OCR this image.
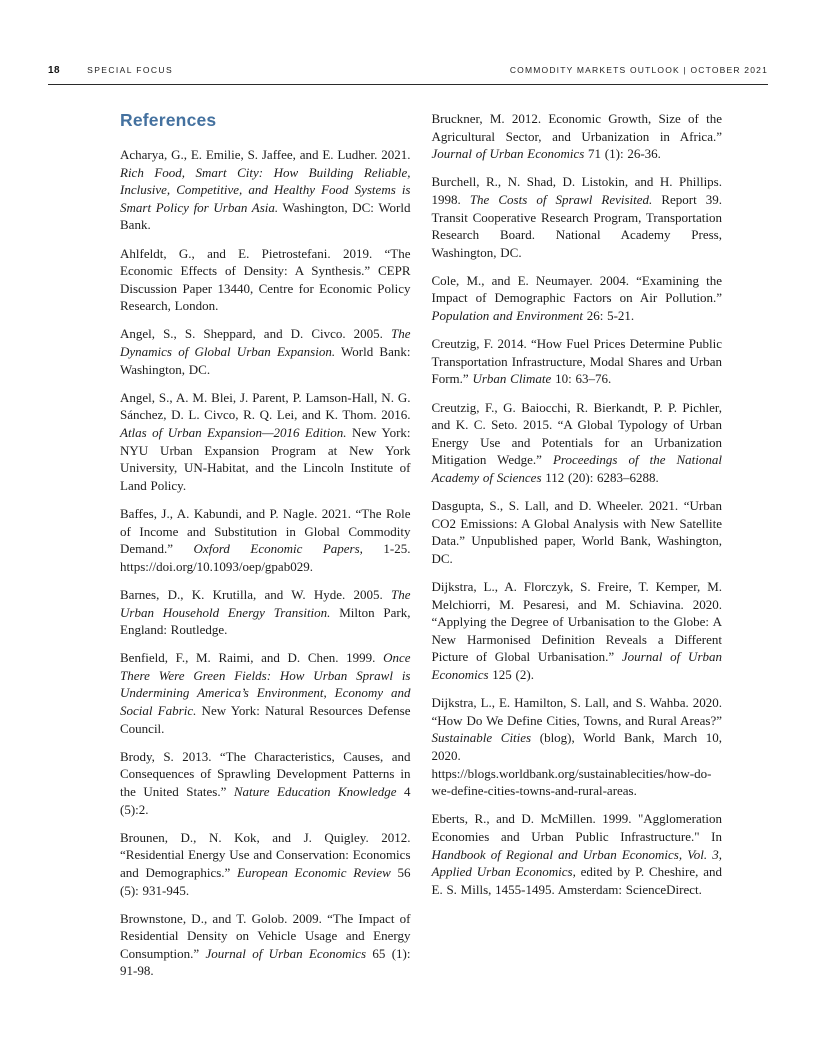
18	SPECIAL FOCUS	COMMODITY MARKETS OUTLOOK | OCTOBER 2021
References

Acharya, G., E. Emilie, S. Jaffee, and E. Ludher. 2021. Rich Food, Smart City: How Building Reliable, Inclusive, Competitive, and Healthy Food Systems is Smart Policy for Urban Asia. Washington, DC: World Bank.

Ahlfeldt, G., and E. Pietrostefani. 2019. “The Economic Effects of Density: A Synthesis.” CEPR Discussion Paper 13440, Centre for Economic Policy Research, London.

Angel, S., S. Sheppard, and D. Civco. 2005. The Dynamics of Global Urban Expansion. World Bank: Washington, DC.

Angel, S., A. M. Blei, J. Parent, P. Lamson-Hall, N. G. Sánchez, D. L. Civco, R. Q. Lei, and K. Thom. 2016. Atlas of Urban Expansion—2016 Edition. New York: NYU Urban Expansion Program at New York University, UN-Habitat, and the Lincoln Institute of Land Policy.

Baffes, J., A. Kabundi, and P. Nagle. 2021. “The Role of Income and Substitution in Global Commodity Demand.” Oxford Economic Papers, 1-25. https://doi.org/10.1093/oep/gpab029.

Barnes, D., K. Krutilla, and W. Hyde. 2005. The Urban Household Energy Transition. Milton Park, England: Routledge.

Benfield, F., M. Raimi, and D. Chen. 1999. Once There Were Green Fields: How Urban Sprawl is Undermining America’s Environment, Economy and Social Fabric. New York: Natural Resources Defense Council.

Brody, S. 2013. “The Characteristics, Causes, and Consequences of Sprawling Development Patterns in the United States.” Nature Education Knowledge 4 (5):2.

Brounen, D., N. Kok, and J. Quigley. 2012. “Residential Energy Use and Conservation: Economics and Demographics.” European Economic Review 56 (5): 931-945.

Brownstone, D., and T. Golob. 2009. “The Impact of Residential Density on Vehicle Usage and Energy Consumption.” Journal of Urban Economics 65 (1): 91-98.

Bruckner, M. 2012. Economic Growth, Size of the Agricultural Sector, and Urbanization in Africa.” Journal of Urban Economics 71 (1): 26-36.

Burchell, R., N. Shad, D. Listokin, and H. Phillips. 1998. The Costs of Sprawl Revisited. Report 39. Transit Cooperative Research Program, Transportation Research Board. National Academy Press, Washington, DC.

Cole, M., and E. Neumayer. 2004. “Examining the Impact of Demographic Factors on Air Pollution.” Population and Environment 26: 5-21.

Creutzig, F. 2014. “How Fuel Prices Determine Public Transportation Infrastructure, Modal Shares and Urban Form.” Urban Climate 10: 63–76.

Creutzig, F., G. Baiocchi, R. Bierkandt, P. P. Pichler, and K. C. Seto. 2015. “A Global Typology of Urban Energy Use and Potentials for an Urbanization Mitigation Wedge.” Proceedings of the National Academy of Sciences 112 (20): 6283–6288.

Dasgupta, S., S. Lall, and D. Wheeler. 2021. “Urban CO2 Emissions: A Global Analysis with New Satellite Data.” Unpublished paper, World Bank, Washington, DC.

Dijkstra, L., A. Florczyk, S. Freire, T. Kemper, M. Melchiorri, M. Pesaresi, and M. Schiavina. 2020. “Applying the Degree of Urbanisation to the Globe: A New Harmonised Definition Reveals a Different Picture of Global Urbanisation.” Journal of Urban Economics 125 (2).

Dijkstra, L., E. Hamilton, S. Lall, and S. Wahba. 2020. “How Do We Define Cities, Towns, and Rural Areas?” Sustainable Cities (blog), World Bank, March 10, 2020. https://blogs.worldbank.org/sustainablecities/how-do-we-define-cities-towns-and-rural-areas.

Eberts, R., and D. McMillen. 1999. "Agglomeration Economies and Urban Public Infrastructure." In Handbook of Regional and Urban Economics, Vol. 3, Applied Urban Economics, edited by P. Cheshire, and E. S. Mills, 1455-1495. Amsterdam: ScienceDirect.
